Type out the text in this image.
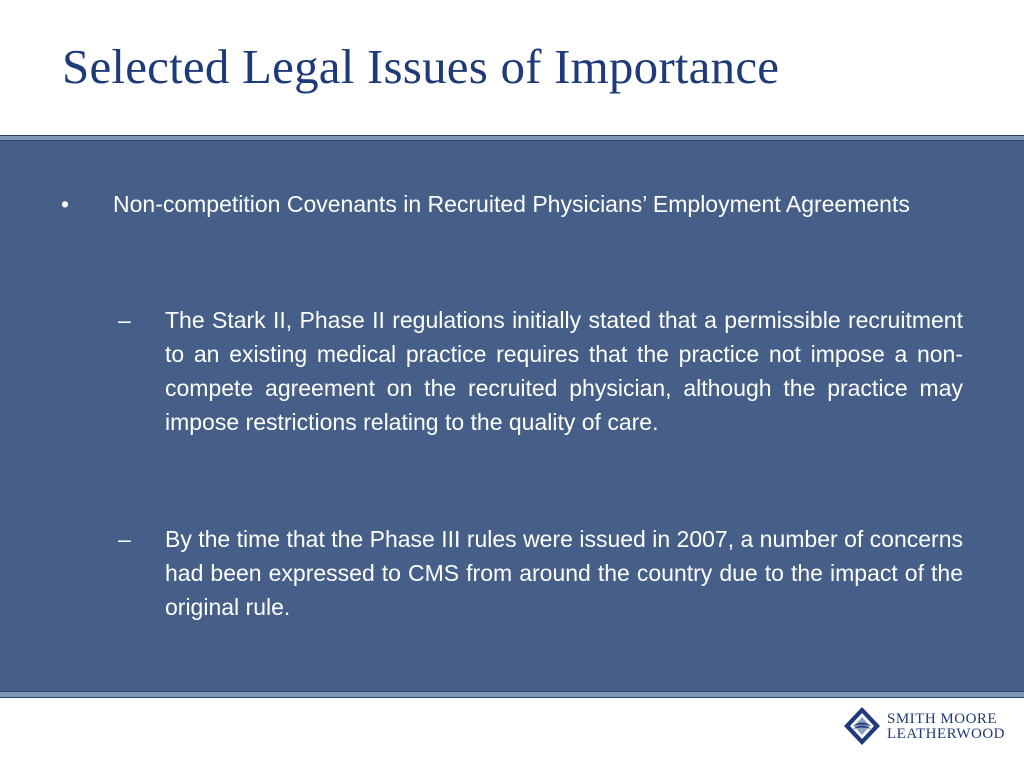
Selected Legal Issues of Importance
• Non-competition Covenants in Recruited Physicians’ Employment Agreements

– The Stark II, Phase II regulations initially stated that a permissible recruitment to an existing medical practice requires that the practice not impose a non-compete agreement on the recruited physician, although the practice may impose restrictions relating to the quality of care.

– By the time that the Phase III rules were issued in 2007, a number of concerns had been expressed to CMS from around the country due to the impact of the original rule.

SMITH MOORE
LEATHERWOOD
